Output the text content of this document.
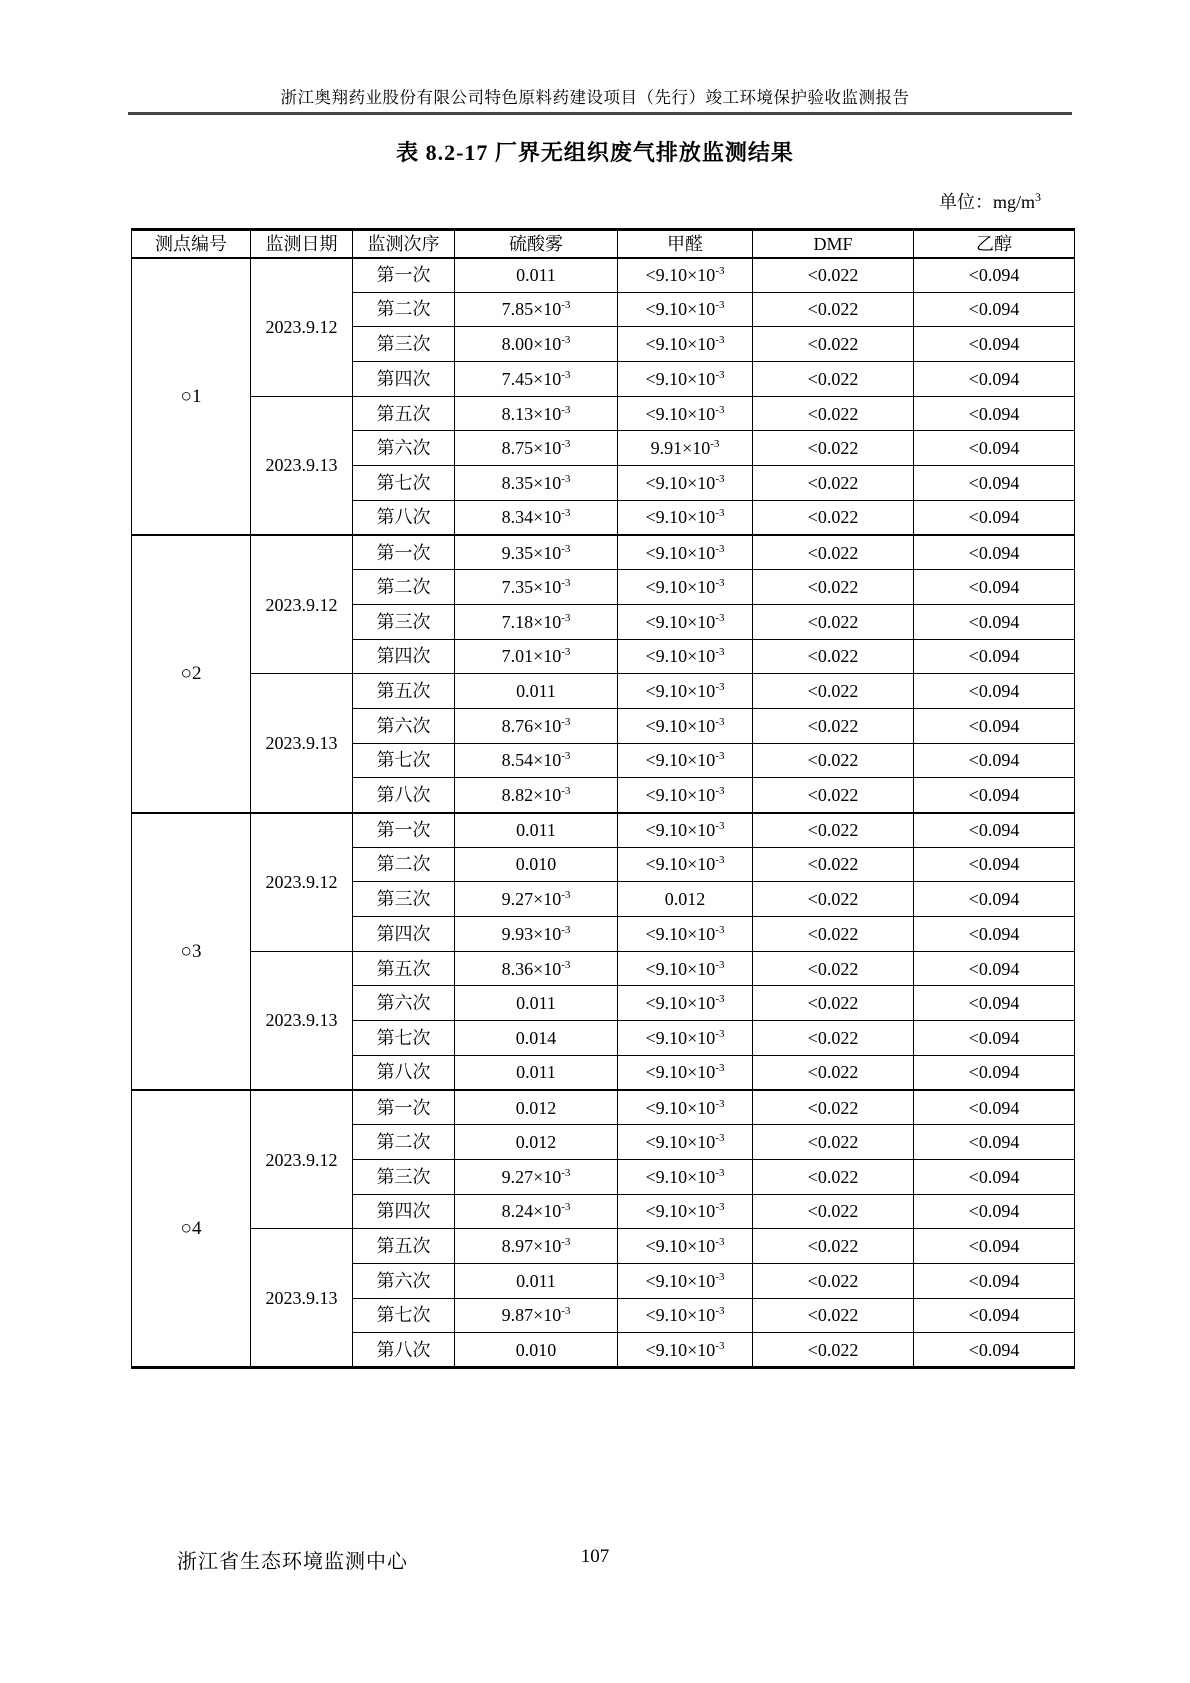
浙江奥翔药业股份有限公司特色原料药建设项目（先行）竣工环境保护验收监测报告
表 8.2-17 厂界无组织废气排放监测结果
单位：$mg/m^3$
测点编号	监测日期	监测次序	硫酸雾	甲醛	DMF	乙醇
○1	2023.9.12	第一次	0.011	$<9.10\times 10^{-3}$	<0.022	<0.094
		第二次	$7.85\times 10^{-3}$	$<9.10\times 10^{-3}$	<0.022	<0.094
		第三次	$8.00\times 10^{-3}$	$<9.10\times 10^{-3}$	<0.022	<0.094
		第四次	$7.45\times 10^{-3}$	$<9.10\times 10^{-3}$	<0.022	<0.094
	2023.9.13	第五次	$8.13\times 10^{-3}$	$<9.10\times 10^{-3}$	<0.022	<0.094
		第六次	$8.75\times 10^{-3}$	$9.91\times 10^{-3}$	<0.022	<0.094
		第七次	$8.35\times 10^{-3}$	$<9.10\times 10^{-3}$	<0.022	<0.094
		第八次	$8.34\times 10^{-3}$	$<9.10\times 10^{-3}$	<0.022	<0.094
○2	2023.9.12	第一次	$9.35\times 10^{-3}$	$<9.10\times 10^{-3}$	<0.022	<0.094
		第二次	$7.35\times 10^{-3}$	$<9.10\times 10^{-3}$	<0.022	<0.094
		第三次	$7.18\times 10^{-3}$	$<9.10\times 10^{-3}$	<0.022	<0.094
		第四次	$7.01\times 10^{-3}$	$<9.10\times 10^{-3}$	<0.022	<0.094
	2023.9.13	第五次	0.011	$<9.10\times 10^{-3}$	<0.022	<0.094
		第六次	$8.76\times 10^{-3}$	$<9.10\times 10^{-3}$	<0.022	<0.094
		第七次	$8.54\times 10^{-3}$	$<9.10\times 10^{-3}$	<0.022	<0.094
		第八次	$8.82\times 10^{-3}$	$<9.10\times 10^{-3}$	<0.022	<0.094
○3	2023.9.12	第一次	0.011	$<9.10\times 10^{-3}$	<0.022	<0.094
		第二次	0.010	$<9.10\times 10^{-3}$	<0.022	<0.094
		第三次	$9.27\times 10^{-3}$	0.012	<0.022	<0.094
		第四次	$9.93\times 10^{-3}$	$<9.10\times 10^{-3}$	<0.022	<0.094
	2023.9.13	第五次	$8.36\times 10^{-3}$	$<9.10\times 10^{-3}$	<0.022	<0.094
		第六次	0.011	$<9.10\times 10^{-3}$	<0.022	<0.094
		第七次	0.014	$<9.10\times 10^{-3}$	<0.022	<0.094
		第八次	0.011	$<9.10\times 10^{-3}$	<0.022	<0.094
○4	2023.9.12	第一次	0.012	$<9.10\times 10^{-3}$	<0.022	<0.094
		第二次	0.012	$<9.10\times 10^{-3}$	<0.022	<0.094
		第三次	$9.27\times 10^{-3}$	$<9.10\times 10^{-3}$	<0.022	<0.094
		第四次	$8.24\times 10^{-3}$	$<9.10\times 10^{-3}$	<0.022	<0.094
	2023.9.13	第五次	$8.97\times 10^{-3}$	$<9.10\times 10^{-3}$	<0.022	<0.094
		第六次	0.011	$<9.10\times 10^{-3}$	<0.022	<0.094
		第七次	$9.87\times 10^{-3}$	$<9.10\times 10^{-3}$	<0.022	<0.094
		第八次	0.010	$<9.10\times 10^{-3}$	<0.022	<0.094
浙江省生态环境监测中心	107
